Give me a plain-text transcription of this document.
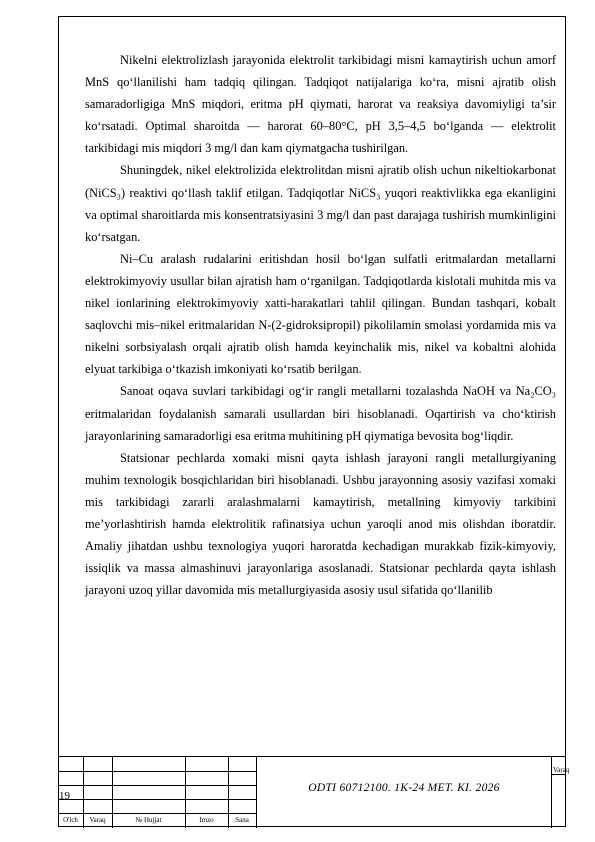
Nikelni elektrolizlash jarayonida elektrolit tarkibidagi misni kamaytirish uchun amorf MnS qo‘llanilishi ham tadqiq qilingan. Tadqiqot natijalariga ko‘ra, misni ajratib olish samaradorligiga MnS miqdori, eritma pH qiymati, harorat va reaksiya davomiyligi ta’sir ko‘rsatadi. Optimal sharoitda — harorat 60–80°C, pH 3,5–4,5 bo‘lganda — elektrolit tarkibidagi mis miqdori 3 mg/l dan kam qiymatgacha tushirilgan.

Shuningdek, nikel elektrolizida elektrolitdan misni ajratib olish uchun nikeltiokarbonat (NiCS₃) reaktivi qo‘llash taklif etilgan. Tadqiqotlar NiCS₃ yuqori reaktivlikka ega ekanligini va optimal sharoitlarda mis konsentratsiyasini 3 mg/l dan past darajaga tushirish mumkinligini ko‘rsatgan.

Ni–Cu aralash rudalarini eritishdan hosil bo‘lgan sulfatli eritmalardan metallarni elektrokimyoviy usullar bilan ajratish ham o‘rganilgan. Tadqiqotlarda kislotali muhitda mis va nikel ionlarining elektrokimyoviy xatti-harakatlari tahlil qilingan. Bundan tashqari, kobalt saqlovchi mis–nikel eritmalaridan N-(2-gidroksipropil) pikolilamin smolasi yordamida mis va nikelni sorbsiyalash orqali ajratib olish hamda keyinchalik mis, nikel va kobaltni alohida elyuat tarkibiga o‘tkazish imkoniyati ko‘rsatib berilgan.

Sanoat oqava suvlari tarkibidagi og‘ir rangli metallarni tozalashda NaOH va Na₂CO₃ eritmalaridan foydalanish samarali usullardan biri hisoblanadi. Oqartirish va cho‘ktirish jarayonlarining samaradorligi esa eritma muhitining pH qiymatiga bevosita bog‘liqdir.

Statsionar pechlarda xomaki misni qayta ishlash jarayoni rangli metallurgiyaning muhim texnologik bosqichlaridan biri hisoblanadi. Ushbu jarayonning asosiy vazifasi xomaki mis tarkibidagi zararli aralashmalarni kamaytirish, metallning kimyoviy tarkibini me’yorlashtirish hamda elektrolitik rafinatsiya uchun yaroqli anod mis olishdan iboratdir. Amaliy jihatdan ushbu texnologiya yuqori haroratda kechadigan murakkab fizik-kimyoviy, issiqlik va massa almashinuvi jarayonlariga asoslanadi. Statsionar pechlarda qayta ishlash jarayoni uzoq yillar davomida mis metallurgiyasida asosiy usul sifatida qo‘llanilib

O'lch	Varaq	№ Hujjat	Imzo	Sana
19
ODTI 60712100. 1K-24 MET. KI. 2026
Varaq
